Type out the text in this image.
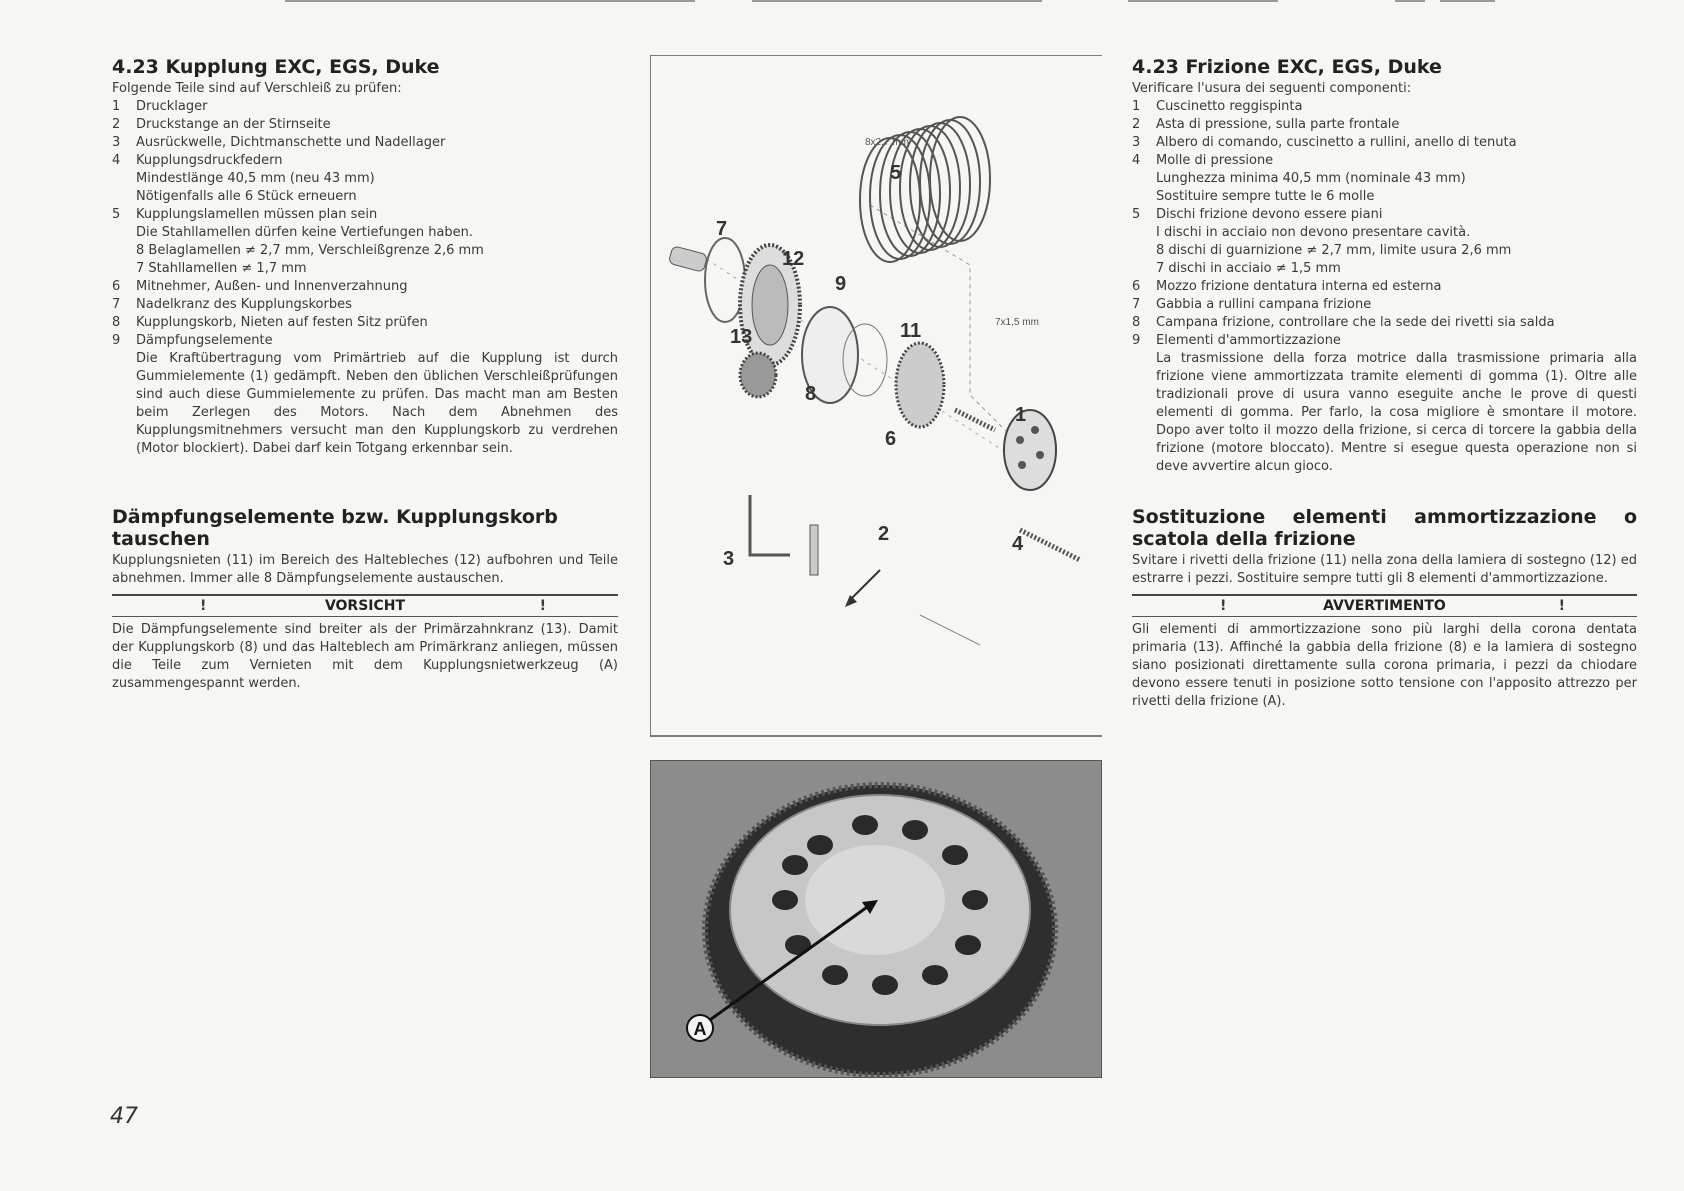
4.23 Kupplung EXC, EGS, Duke
Folgende Teile sind auf Verschleiß zu prüfen:
1 Drucklager
2 Druckstange an der Stirnseite
3 Ausrückwelle, Dichtmanschette und Nadellager
4 Kupplungsdruckfedern
Mindestlänge 40,5 mm (neu 43 mm)
Nötigenfalls alle 6 Stück erneuern
5 Kupplungslamellen müssen plan sein
Die Stahllamellen dürfen keine Vertiefungen haben.
8 Belaglamellen ≠ 2,7 mm, Verschleißgrenze 2,6 mm
7 Stahllamellen ≠ 1,7 mm
6 Mitnehmer, Außen- und Innenverzahnung
7 Nadelkranz des Kupplungskorbes
8 Kupplungskorb, Nieten auf festen Sitz prüfen
9 Dämpfungselemente
Die Kraftübertragung vom Primärtrieb auf die Kupplung ist durch Gummielemente (1) gedämpft. Neben den üblichen Verschleißprüfungen sind auch diese Gummielemente zu prüfen. Das macht man am Besten beim Zerlegen des Motors. Nach dem Abnehmen des Kupplungsmitnehmers versucht man den Kupplungskorb zu verdrehen (Motor blockiert). Dabei darf kein Totgang erkennbar sein.
Dämpfungselemente bzw. Kupplungskorb tauschen
Kupplungsnieten (11) im Bereich des Haltebleches (12) aufbohren und Teile abnehmen. Immer alle 8 Dämpfungselemente austauschen.
!	VORSICHT	!
Die Dämpfungselemente sind breiter als der Primärzahnkranz (13). Damit der Kupplungskorb (8) und das Halteblech am Primärkranz anliegen, müssen die Teile zum Vernieten mit dem Kupplungsnietwerkzeug (A) zusammengespannt werden.
4.23 Frizione EXC, EGS, Duke
Verificare l'usura dei seguenti componenti:
1 Cuscinetto reggispinta
2 Asta di pressione, sulla parte frontale
3 Albero di comando, cuscinetto a rullini, anello di tenuta
4 Molle di pressione
Lunghezza minima 40,5 mm (nominale 43 mm)
Sostituire sempre tutte le 6 molle
5 Dischi frizione devono essere piani
I dischi in acciaio non devono presentare cavità.
8 dischi di guarnizione ≠ 2,7 mm, limite usura 2,6 mm
7 dischi in acciaio ≠ 1,5 mm
6 Mozzo frizione dentatura interna ed esterna
7 Gabbia a rullini campana frizione
8 Campana frizione, controllare che la sede dei rivetti sia salda
9 Elementi d'ammortizzazione
La trasmissione della forza motrice dalla trasmissione primaria alla frizione viene ammortizzata tramite elementi di gomma (1). Oltre alle tradizionali prove di usura vanno eseguite anche le prove di questi elementi di gomma. Per farlo, la cosa migliore è smontare il motore. Dopo aver tolto il mozzo della frizione, si cerca di torcere la gabbia della frizione (motore bloccato). Mentre si esegue questa operazione non si deve avvertire alcun gioco.
Sostituzione elementi ammortizzazione o scatola della frizione
Svitare i rivetti della frizione (11) nella zona della lamiera di sostegno (12) ed estrarre i pezzi. Sostituire sempre tutti gli 8 elementi d'ammortizzazione.
!	AVVERTIMENTO	!
Gli elementi di ammortizzazione sono più larghi della corona dentata primaria (13). Affinché la gabbia della frizione (8) e la lamiera di sostegno siano posizionati direttamente sulla corona primaria, i pezzi da chiodare devono essere tenuti in posizione sotto tensione con l'apposito attrezzo per rivetti della frizione (A).
7
12
9
5
13	11
8
1
6
2
3
4
8x2,7 mm
7x1,5 mm
A
47
